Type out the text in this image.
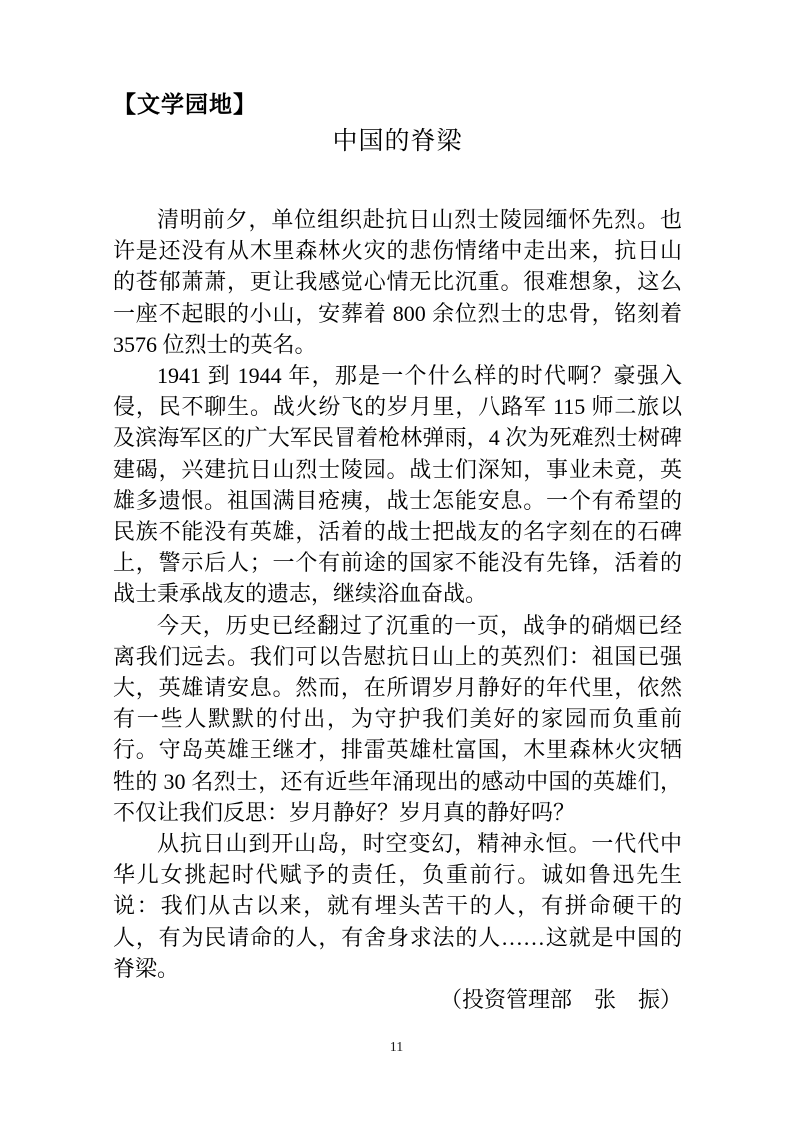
【文学园地】
中国的脊梁

清明前夕，单位组织赴抗日山烈士陵园缅怀先烈。也许是还没有从木里森林火灾的悲伤情绪中走出来，抗日山的苍郁萧萧，更让我感觉心情无比沉重。很难想象，这么一座不起眼的小山，安葬着 800 余位烈士的忠骨，铭刻着 3576 位烈士的英名。

1941 到 1944 年，那是一个什么样的时代啊？豪强入侵，民不聊生。战火纷飞的岁月里，八路军 115 师二旅以及滨海军区的广大军民冒着枪林弹雨，4 次为死难烈士树碑建碣，兴建抗日山烈士陵园。战士们深知，事业未竟，英雄多遗恨。祖国满目疮痍，战士怎能安息。一个有希望的民族不能没有英雄，活着的战士把战友的名字刻在的石碑上，警示后人；一个有前途的国家不能没有先锋，活着的战士秉承战友的遗志，继续浴血奋战。

今天，历史已经翻过了沉重的一页，战争的硝烟已经离我们远去。我们可以告慰抗日山上的英烈们：祖国已强大，英雄请安息。然而，在所谓岁月静好的年代里，依然有一些人默默的付出，为守护我们美好的家园而负重前行。守岛英雄王继才，排雷英雄杜富国，木里森林火灾牺牲的 30 名烈士，还有近些年涌现出的感动中国的英雄们，不仅让我们反思：岁月静好？岁月真的静好吗？

从抗日山到开山岛，时空变幻，精神永恒。一代代中华儿女挑起时代赋予的责任，负重前行。诚如鲁迅先生说：我们从古以来，就有埋头苦干的人，有拼命硬干的人，有为民请命的人，有舍身求法的人……这就是中国的脊梁。

（投资管理部　张　振）
11
